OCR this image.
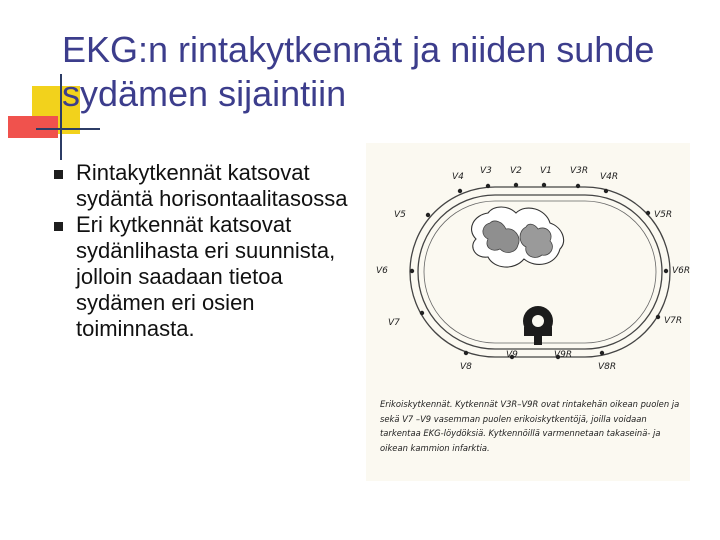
EKG:n rintakytkennät ja niiden suhde sydämen sijaintiin
Rintakytkennät katsovat sydäntä horisontaalitasossa
Eri kytkennät katsovat sydänlihasta eri suunnista, jolloin saadaan tietoa sydämen eri osien toiminnasta.
V4
V3 V2 V1 V3R
V4R
V5
V6
V7
V8
V9	V9R
V8R
V5R
V6R
V7R
Erikoiskytkennät. Kytkennät V3R–V9R ovat rintakehän oikean puolen ja sekä V7 –V9 vasemman puolen erikoiskytkentöjä, joilla voidaan tarkentaa EKG-löydöksiä. Kytkennöillä varmennetaan takaseinä- ja oikean kammion infarktia.
